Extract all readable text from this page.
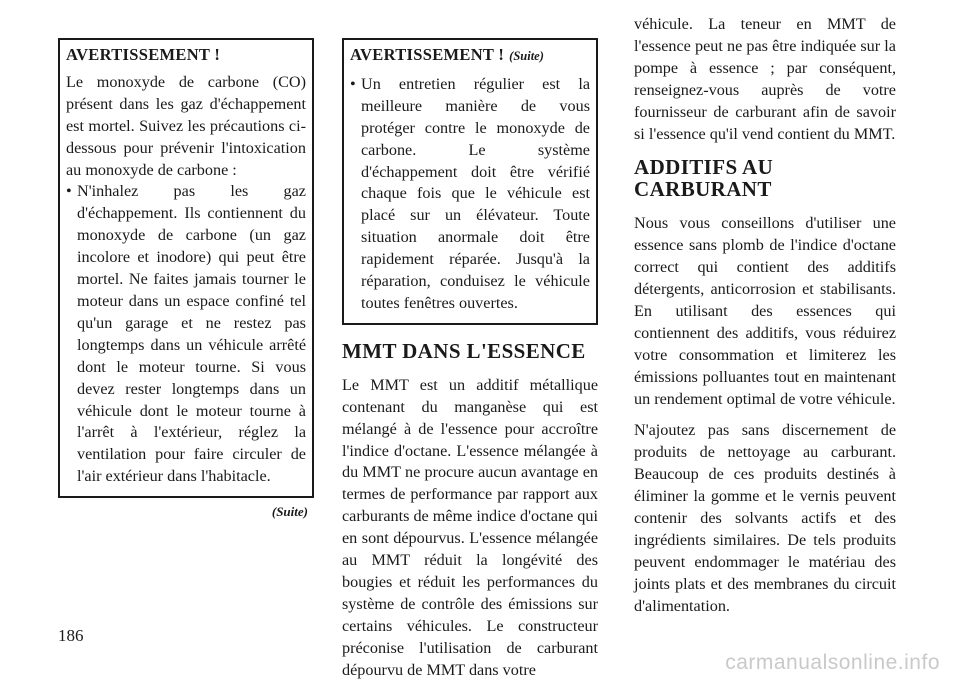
AVERTISSEMENT !

Le monoxyde de carbone (CO) présent dans les gaz d'échappement est mortel. Suivez les précautions ci-dessous pour prévenir l'intoxication au monoxyde de carbone :

• N'inhalez pas les gaz d'échappement. Ils contiennent du monoxyde de carbone (un gaz incolore et inodore) qui peut être mortel. Ne faites jamais tourner le moteur dans un espace confiné tel qu'un garage et ne restez pas longtemps dans un véhicule arrêté dont le moteur tourne. Si vous devez rester longtemps dans un véhicule dont le moteur tourne à l'arrêt à l'extérieur, réglez la ventilation pour faire circuler de l'air extérieur dans l'habitacle.
(Suite)
AVERTISSEMENT ! (Suite)
• Un entretien régulier est la meilleure manière de vous protéger contre le monoxyde de carbone. Le système d'échappement doit être vérifié chaque fois que le véhicule est placé sur un élévateur. Toute situation anormale doit être rapidement réparée. Jusqu'à la réparation, conduisez le véhicule toutes fenêtres ouvertes.
MMT DANS L'ESSENCE

Le MMT est un additif métallique contenant du manganèse qui est mélangé à de l'essence pour accroître l'indice d'octane. L'essence mélangée à du MMT ne procure aucun avantage en termes de performance par rapport aux carburants de même indice d'octane qui en sont dépourvus. L'essence mélangée au MMT réduit la longévité des bougies et réduit les performances du système de contrôle des émissions sur certains véhicules. Le constructeur préconise l'utilisation de carburant dépourvu de MMT dans votre

véhicule. La teneur en MMT de l'essence peut ne pas être indiquée sur la pompe à essence ; par conséquent, renseignez-vous auprès de votre fournisseur de carburant afin de savoir si l'essence qu'il vend contient du MMT.

ADDITIFS AU CARBURANT

Nous vous conseillons d'utiliser une essence sans plomb de l'indice d'octane correct qui contient des additifs détergents, anticorrosion et stabilisants. En utilisant des essences qui contiennent des additifs, vous réduirez votre consommation et limiterez les émissions polluantes tout en maintenant un rendement optimal de votre véhicule.

N'ajoutez pas sans discernement de produits de nettoyage au carburant. Beaucoup de ces produits destinés à éliminer la gomme et le vernis peuvent contenir des solvants actifs et des ingrédients similaires. De tels produits peuvent endommager le matériau des joints plats et des membranes du circuit d'alimentation.

186
carmanualsonline.info
